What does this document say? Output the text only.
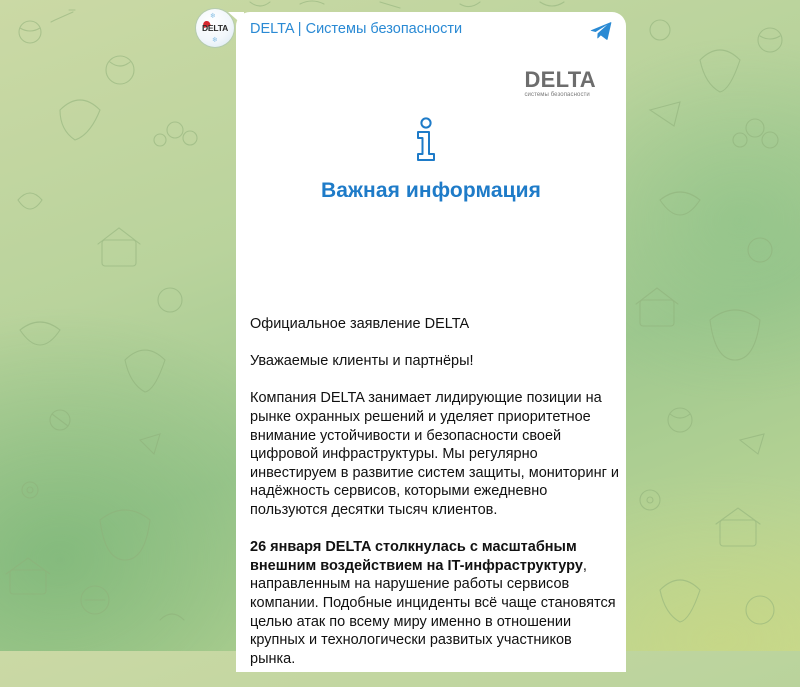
❄
❄
DELTA DELTA | Системы безопасности
DELTA
системы безопасности
Важная информация

Официальное заявление DELTA

Уважаемые клиенты и партнёры!

Компания DELTA занимает лидирующие позиции на рынке охранных решений и уделяет приоритетное внимание устойчивости и безопасности своей цифровой инфраструктуры. Мы регулярно инвестируем в развитие систем защиты, мониторинг и надёжность сервисов, которыми ежедневно пользуются десятки тысяч клиентов.

26 января DELTA столкнулась с масштабным внешним воздействием на IT-инфраструктуру, направленным на нарушение работы сервисов компании. Подобные инциденты всё чаще становятся целью атак по всему миру именно в отношении крупных и технологически развитых участников рынка.
